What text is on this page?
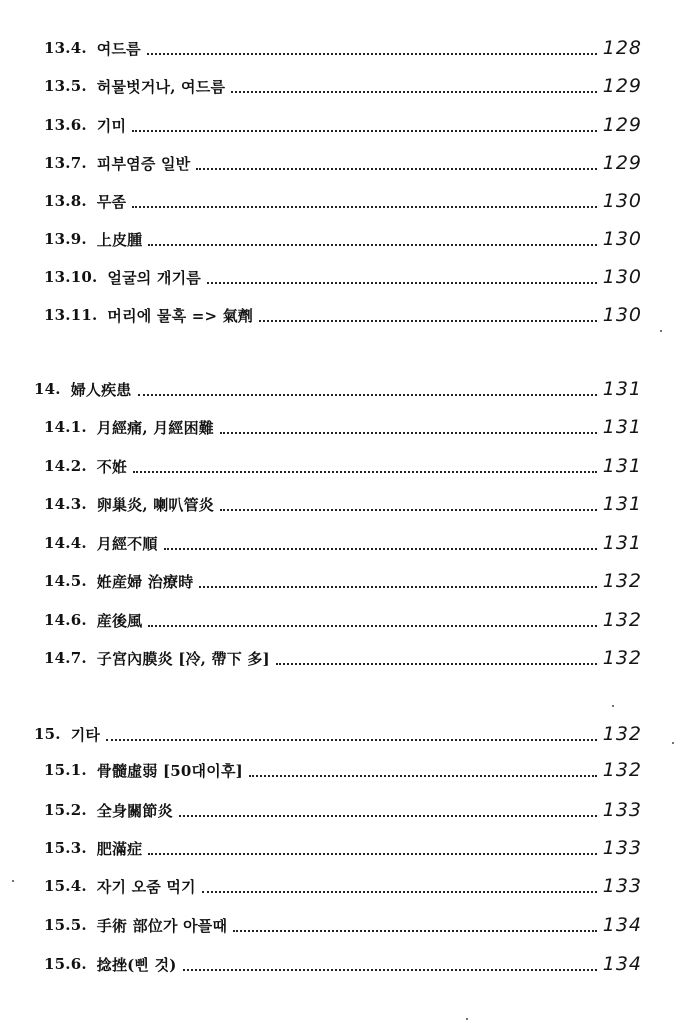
13.4. 여드름	128
13.5. 허물벗거나, 여드름	129
13.6. 기미	129
13.7. 피부염증 일반	129
13.8. 무좀	130
13.9. 上皮腫	130
13.10. 얼굴의 개기름	130
13.11. 머리에 물혹 => 氣劑	130
14. 婦人疾患	131
14.1. 月經痛, 月經困難	131
14.2. 不姙	131
14.3. 卵巢炎, 喇叭管炎	131
14.4. 月經不順	131
14.5. 姙産婦 治療時	132
14.6. 産後風	132
14.7. 子宮內膜炎 [冷, 帶下 多]	132
15. 기타	132
15.1. 骨髓虛弱 [50대이후]	132
15.2. 全身關節炎	133
15.3. 肥滿症	133
15.4. 자기 오줌 먹기	133
15.5. 手術 部位가 아플때	134
15.6. 捻挫(삔 것)	134
